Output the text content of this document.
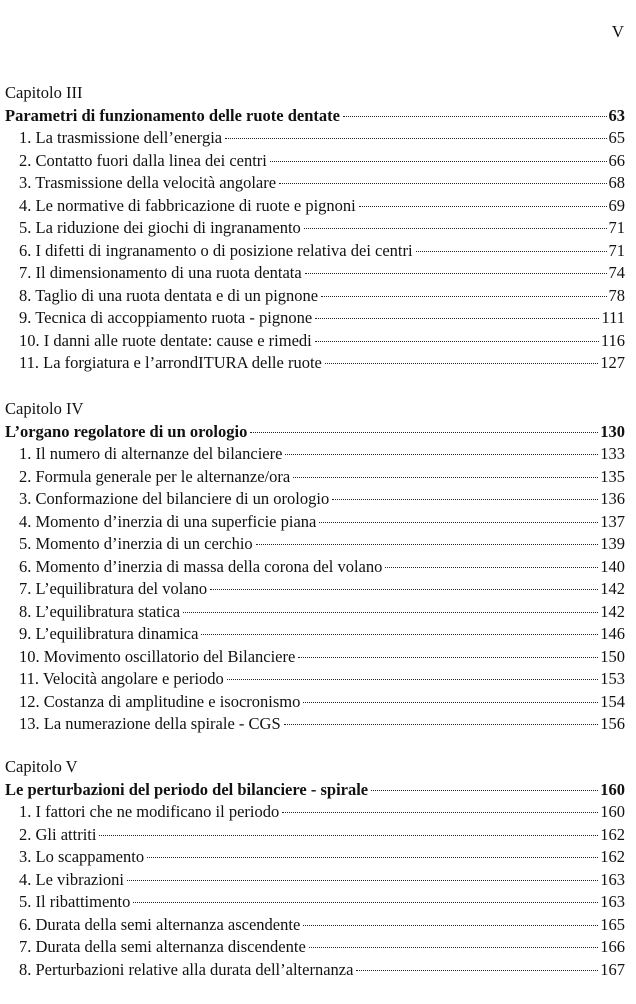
V
Capitolo III
Parametri di funzionamento delle ruote dentate	63
1. La trasmissione dell’energia	65
2. Contatto fuori dalla linea dei centri	66
3. Trasmissione della velocità angolare	68
4. Le normative di fabbricazione di ruote e pignoni	69
5. La riduzione dei giochi di ingranamento	71
6. I difetti di ingranamento o di posizione relativa dei centri	71
7. Il dimensionamento di una ruota dentata	74
8. Taglio di una ruota dentata e di un pignone	78
9. Tecnica di accoppiamento ruota - pignone	111
10. I danni alle ruote dentate: cause e rimedi	116
11. La forgiatura e l’arrondITURA delle ruote	127
Capitolo IV
L’organo regolatore di un orologio	130
1. Il numero di alternanze del bilanciere	133
2. Formula generale per le alternanze/ora	135
3. Conformazione del bilanciere di un orologio	136
4. Momento d’inerzia di una superficie piana	137
5. Momento d’inerzia di un cerchio	139
6. Momento d’inerzia di massa della corona del volano	140
7. L’equilibratura del volano	142
8. L’equilibratura statica	142
9. L’equilibratura dinamica	146
10. Movimento oscillatorio del Bilanciere	150
11. Velocità angolare e periodo	153
12. Costanza di amplitudine e isocronismo	154
13. La numerazione della spirale - CGS	156
Capitolo V
Le perturbazioni del periodo del bilanciere - spirale	160
1. I fattori che ne modificano il periodo	160
2. Gli attriti	162
3. Lo scappamento	162
4. Le vibrazioni	163
5. Il ribattimento	163
6. Durata della semi alternanza ascendente	165
7. Durata della semi alternanza discendente	166
8. Perturbazioni relative alla durata dell’alternanza	167
